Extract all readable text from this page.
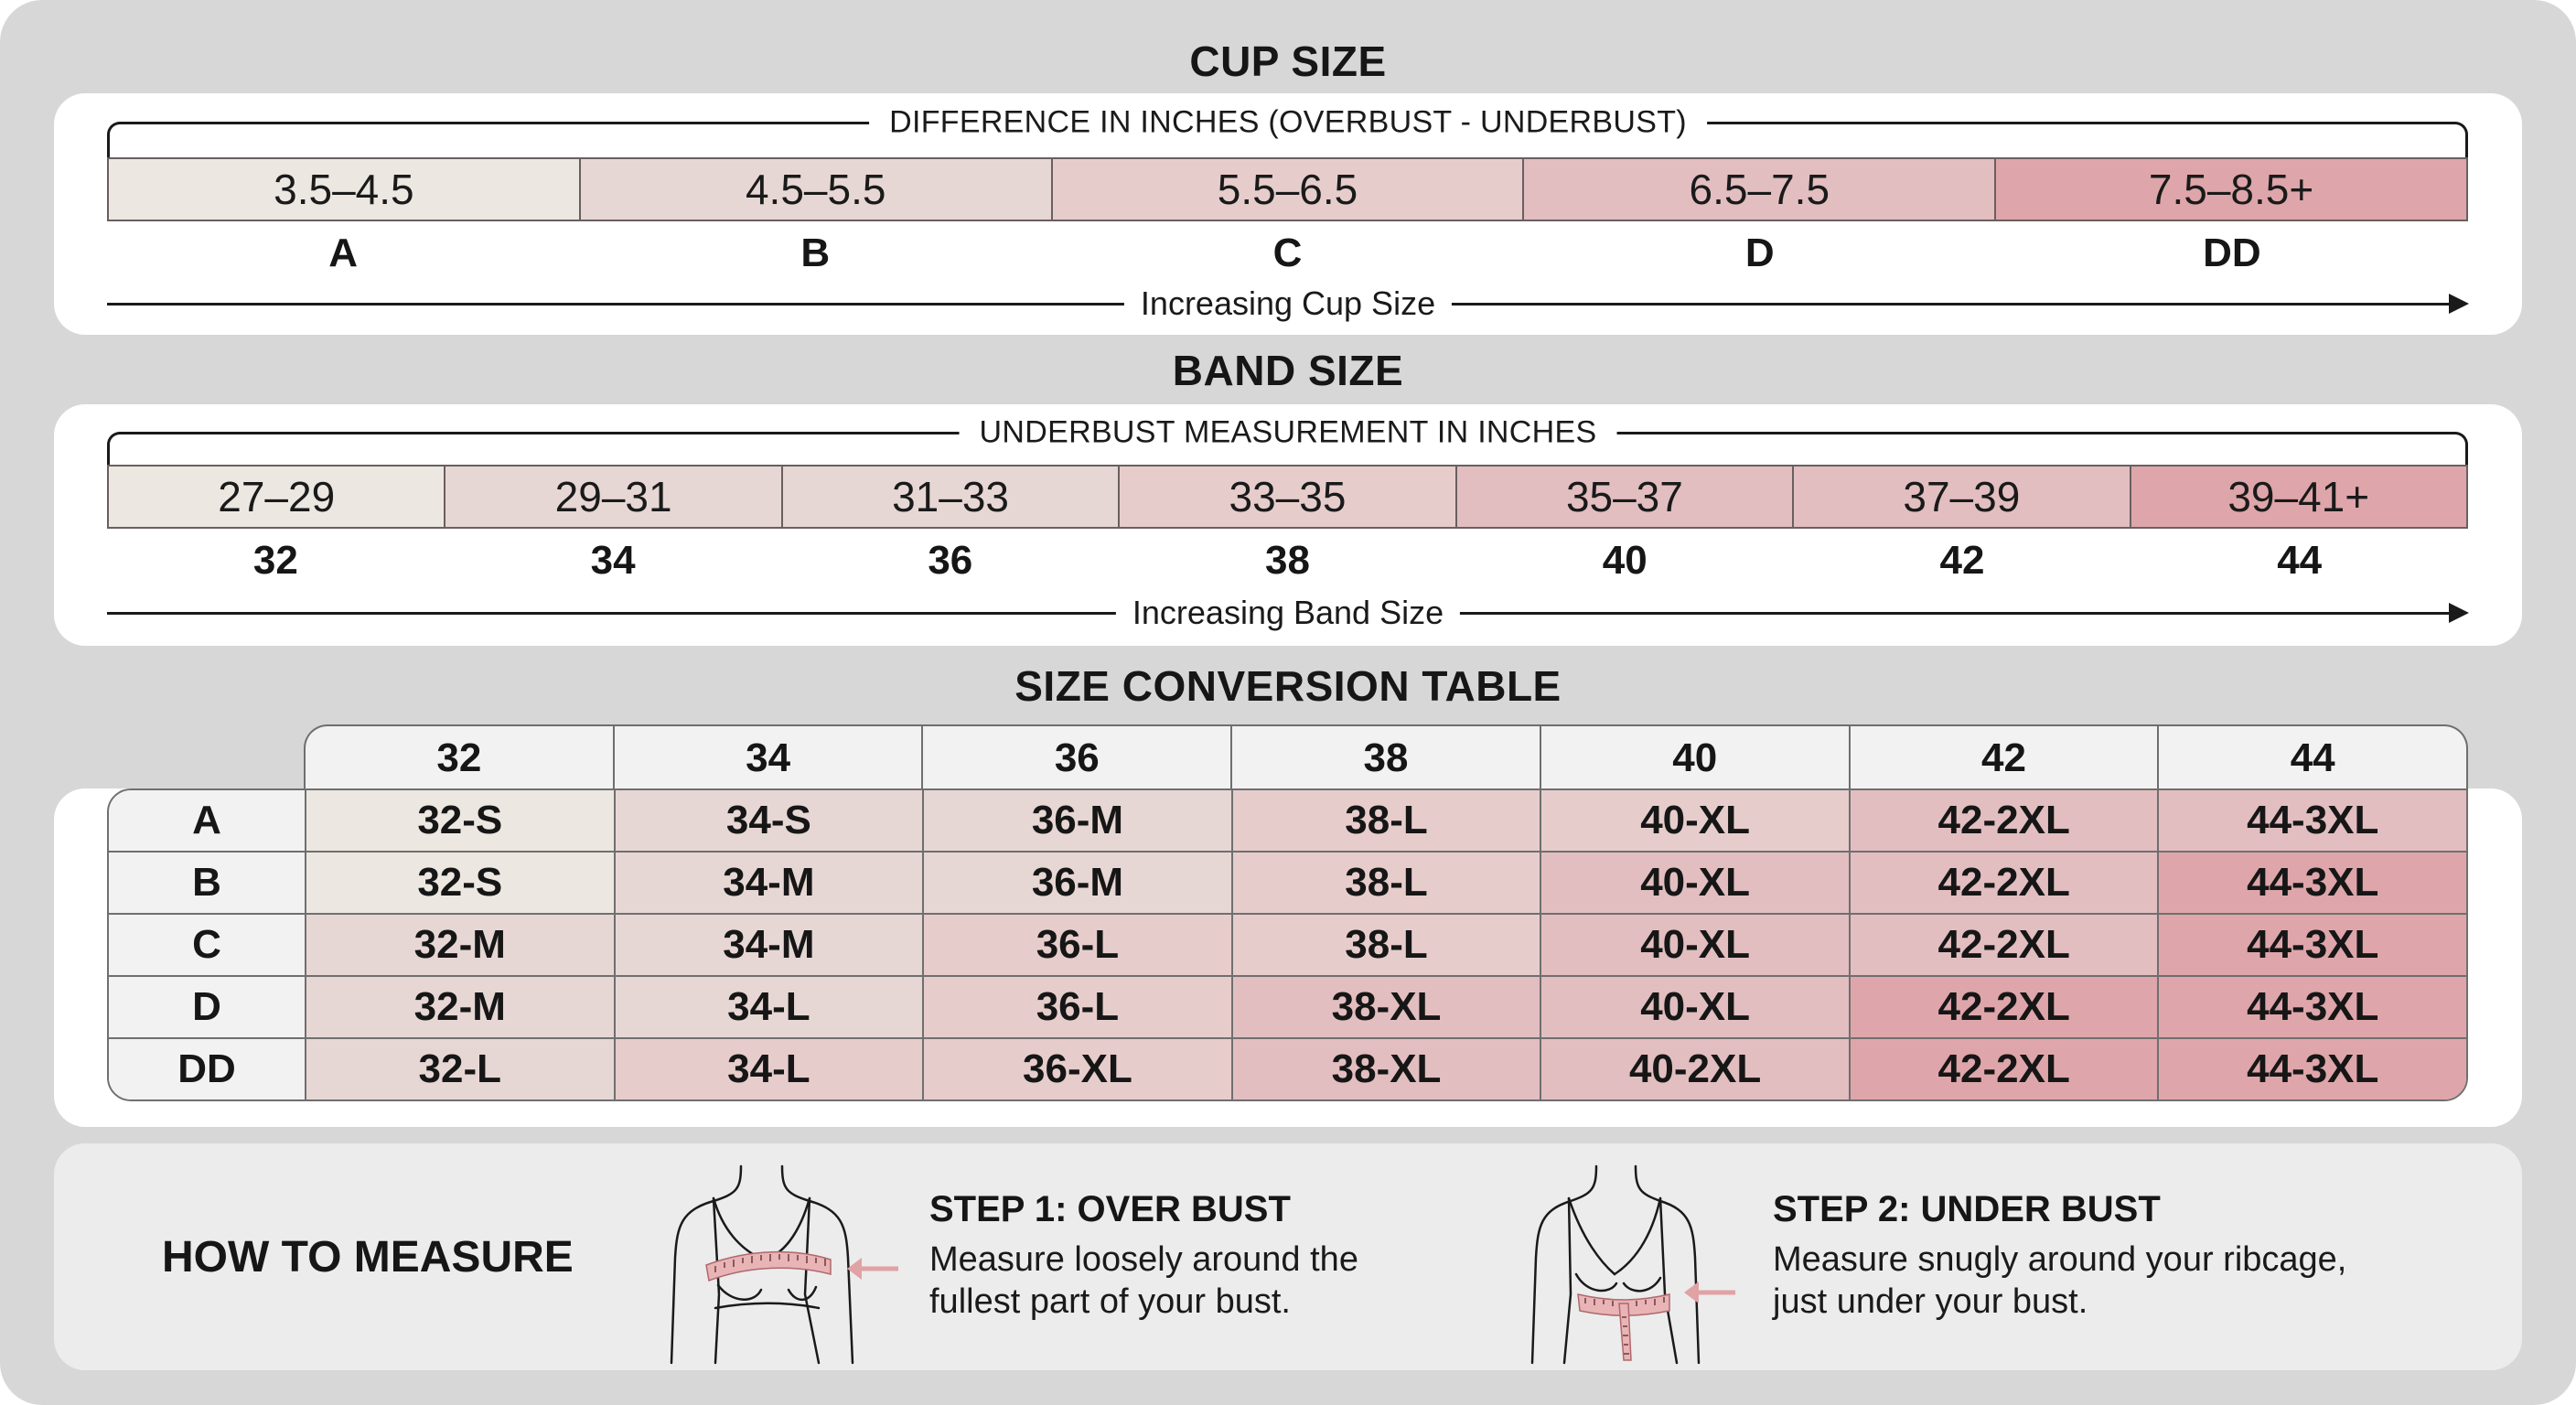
CUP SIZE
DIFFERENCE IN INCHES (OVERBUST - UNDERBUST)
3.5–4.5	4.5–5.5	5.5–6.5	6.5–7.5	7.5–8.5+
A	B	C	D	DD
Increasing Cup Size
BAND SIZE
UNDERBUST MEASUREMENT IN INCHES
27–29	29–31	31–33	33–35	35–37	37–39	39–41+
32	34	36	38	40	42	44
Increasing Band Size
SIZE CONVERSION TABLE
32	34	36	38	40	42	44
A	32-S	34-S	36-M	38-L	40-XL	42-2XL	44-3XL
B	32-S	34-M	36-M	38-L	40-XL	42-2XL	44-3XL
C	32-M	34-M	36-L	38-L	40-XL	42-2XL	44-3XL
D	32-M	34-L	36-L	38-XL	40-XL	42-2XL	44-3XL
DD	32-L	34-L	36-XL	38-XL	40-2XL	42-2XL	44-3XL
HOW TO MEASURE
STEP 1: OVER BUST
Measure loosely around the
fullest part of your bust.
STEP 2: UNDER BUST
Measure snugly around your ribcage,
just under your bust.
